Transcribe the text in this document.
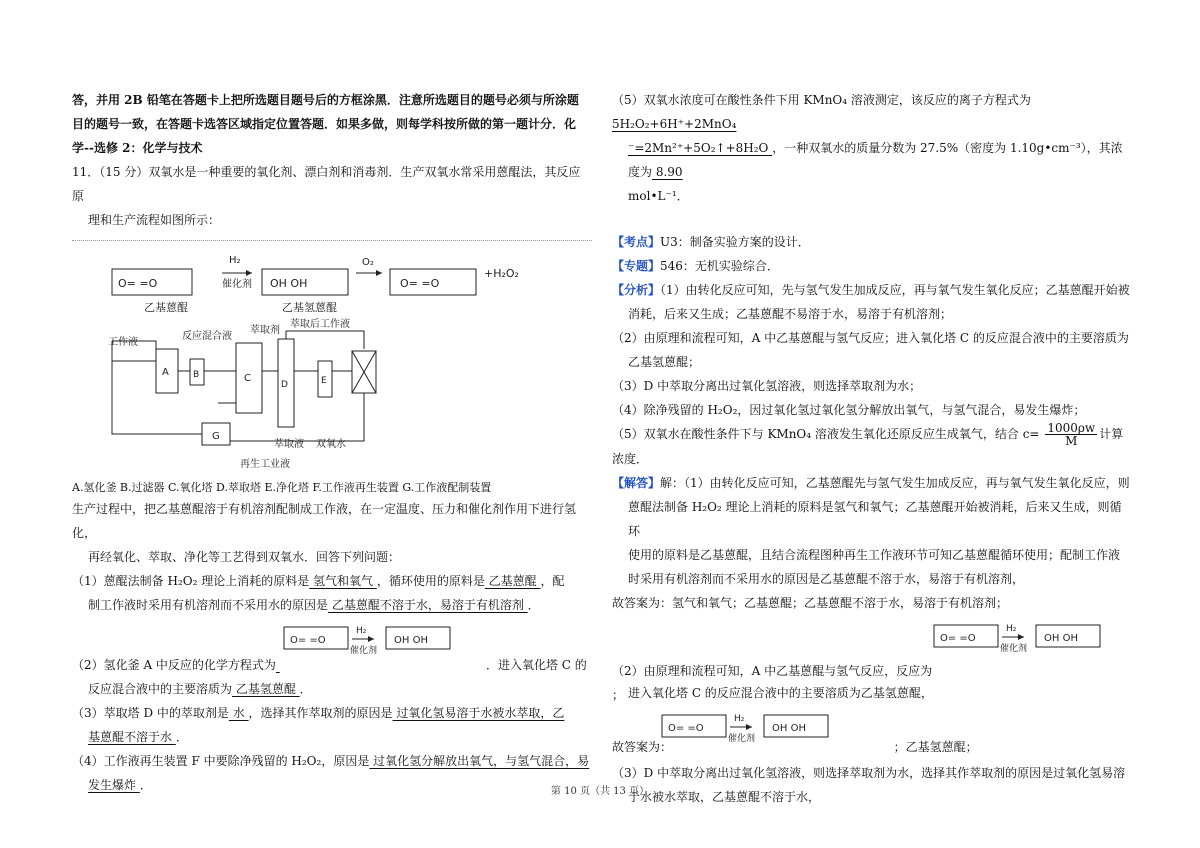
答，并用 2B 铅笔在答题卡上把所选题目题号后的方框涂黑．注意所选题目的题号必须与所涂题

目的题号一致，在答题卡选答区域指定位置答题．如果多做，则每学科按所做的第一题计分．化

学--选修 2：化学与技术

11．（15 分）双氧水是一种重要的氧化剂、漂白剂和消毒剂．生产双氧水常采用蒽醌法，其反应原

理和生产流程如图所示：

O= =O
乙基蒽醌
H₂
催化剂 OH OH
乙基氢蒽醌
O₂
O= =O
+H₂O₂
A	B	C
D	E
G
工作液
反应混合液
萃取剂
萃取后工作液
萃取液 双氧水
再生工业液

A.氢化釜 B.过滤器 C.氧化塔 D.萃取塔 E.净化塔 F.工作液再生装置 G.工作液配制装置

生产过程中，把乙基蒽醌溶于有机溶剂配制成工作液，在一定温度、压力和催化剂作用下进行氢化，

再经氧化、萃取、净化等工艺得到双氧水．回答下列问题：

（1）蒽醌法制备 H₂O₂ 理论上消耗的原料是 氢气和氧气 ，循环使用的原料是 乙基蒽醌 ，配

制工作液时采用有机溶剂而不采用水的原因是 乙基蒽醌不溶于水，易溶于有机溶剂 ．

O= =O
H₂
催化剂
OH OH

（2）氢化釜 A 中反应的化学方程式为	．进入氧化塔 C 的

反应混合液中的主要溶质为 乙基氢蒽醌 ．

（3）萃取塔 D 中的萃取剂是 水 ，选择其作萃取剂的原因是 过氧化氢易溶于水被水萃取，乙

基蒽醌不溶于水 ．

（4）工作液再生装置 F 中要除净残留的 H₂O₂，原因是 过氧化氢分解放出氧气，与氢气混合，易

发生爆炸 ．

（5）双氧水浓度可在酸性条件下用 KMnO₄ 溶液测定，该反应的离子方程式为 5H₂O₂+6H⁺+2MnO₄

⁻=2Mn²⁺+5O₂↑+8H₂O ，一种双氧水的质量分数为 27.5%（密度为 1.10g•cm⁻³），其浓度为 8.90

mol•L⁻¹．

【考点】U3：制备实验方案的设计．

【专题】546：无机实验综合．

【分析】（1）由转化反应可知，先与氢气发生加成反应，再与氧气发生氧化反应；乙基蒽醌开始被

消耗，后来又生成；乙基蒽醌不易溶于水，易溶于有机溶剂；

（2）由原理和流程可知，A 中乙基蒽醌与氢气反应；进入氧化塔 C 的反应混合液中的主要溶质为

乙基氢蒽醌；

（3）D 中萃取分离出过氧化氢溶液，则选择萃取剂为水；

（4）除净残留的 H₂O₂，因过氧化氢过氧化氢分解放出氧气，与氢气混合，易发生爆炸；

（5）双氧水在酸性条件下与 KMnO₄ 溶液发生氧化还原反应生成氧气，结合 $c= \frac{1000\rho w}{M}$ 计算浓度．

【解答】解：（1）由转化反应可知，乙基蒽醌先与氢气发生加成反应，再与氧气发生氧化反应，则

蒽醌法制备 H₂O₂ 理论上消耗的原料是氢气和氧气；乙基蒽醌开始被消耗，后来又生成，则循环

使用的原料是乙基蒽醌，且结合流程图种再生工作液环节可知乙基蒽醌循环使用；配制工作液

时采用有机溶剂而不采用水的原因是乙基蒽醌不溶于水，易溶于有机溶剂，

故答案为：氢气和氧气；乙基蒽醌；乙基蒽醌不溶于水，易溶于有机溶剂；

O= =O
H₂
催化剂
OH OH

（2）由原理和流程可知，A 中乙基蒽醌与氢气反应，反应为  ； 进入氧化塔 C 的反应混合液中的主要溶质为乙基氢蒽醌，

O= =O
H₂
催化剂
OH OH

故答案为：	；乙基氢蒽醌；

（3）D 中萃取分离出过氧化氢溶液，则选择萃取剂为水，选择其作萃取剂的原因是过氧化氢易溶

于水被水萃取，乙基蒽醌不溶于水，

第 10 页（共 13 页）
